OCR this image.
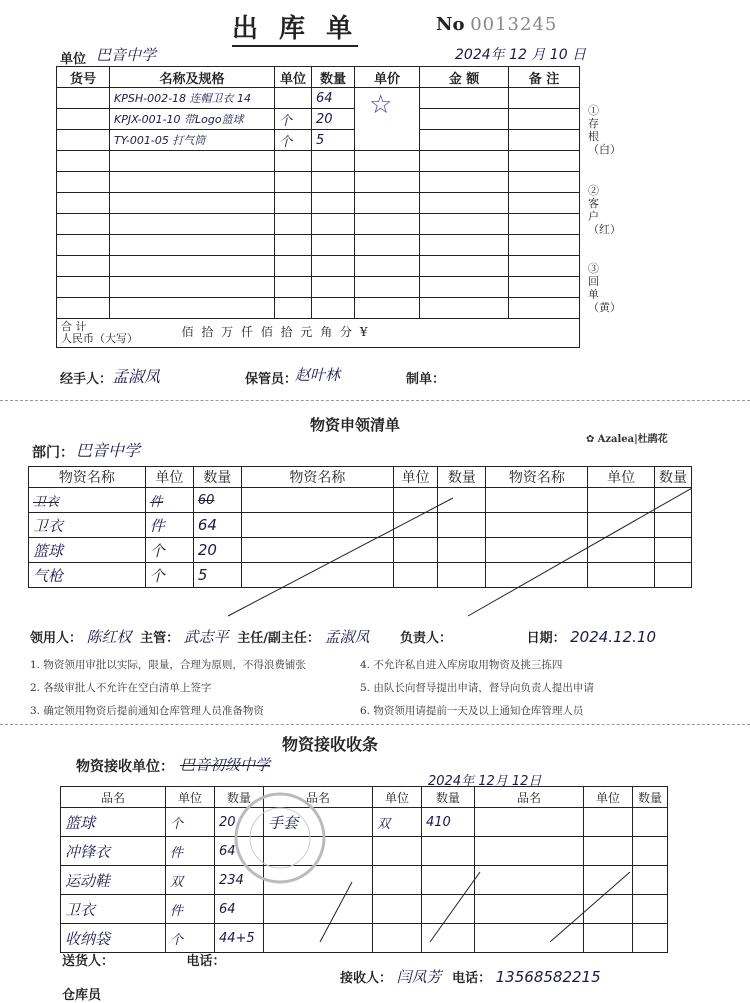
出 库 单	No 0013245
单位 巴音中学	2024年 12 月 10 日
货号	名称及规格	单位	数量	单价	金 额	备 注
	KPSH-002-18 连帽卫衣 14		64	☆		

	KPJX-001-10 带Logo篮球	个	20			
	TY-001-05 打气筒	个	5			

合 计
人民币（大写） 佰 拾 万 仟 佰 拾 元 角 分 ¥						
①存根（白）
②客户（红）
③回单（黄）
经手人： 孟淑凤	保管员：
赵叶林	制单：
物资申领清单
✿ Azalea|杜鹃花
部门： 巴音中学
物资名称	单位	数量	物资名称	单位	数量	物资名称	单位	数量
卫衣	件	60						
卫衣	件	64						
篮球	个	20						
气枪	个	5						
领用人： 陈红权 主管： 武志平 主任/副主任： 孟淑凤 负责人：	日期： 2024.12.10
1. 物资领用审批以实际，限量，合理为原则，不得浪费铺张	4. 不允许私自进入库房取用物资及挑三拣四
2. 各级审批人不允许在空白清单上签字	5. 由队长向督导提出申请，督导向负责人提出申请
3. 确定领用物资后提前通知仓库管理人员准备物资	6. 物资领用请提前一天及以上通知仓库管理人员
物资接收收条
物资接收单位： 巴音初级中学
2024年 12月 12日
品名	单位	数量	品名	单位	数量	品名	单位	数量
篮球	个	20	手套	双	410			
冲锋衣	件	64						
运动鞋	双	234						
卫衣	件	64						
收纳袋	个	44+5						
送货人：	电话：
接收人： 闫凤芳 电话： 13568582215
仓库员
